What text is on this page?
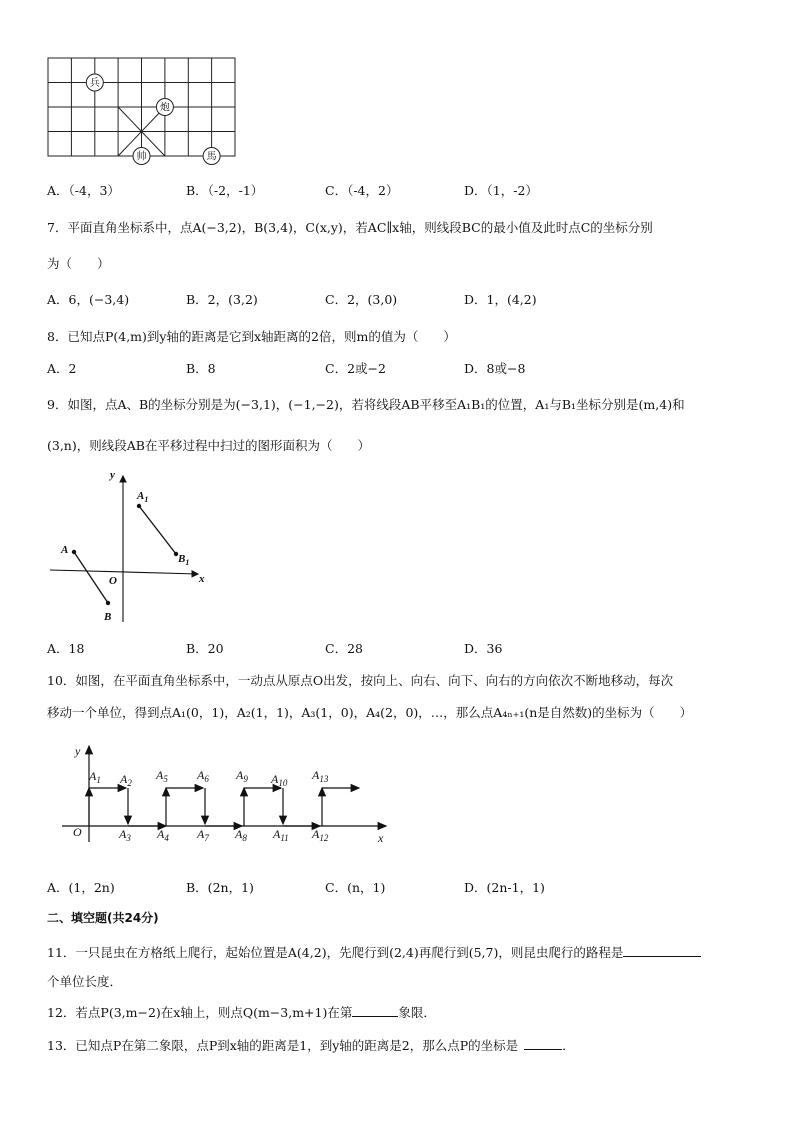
兵
炮
帅	馬
A．（-4，3）	B．（-2，-1）	C．（-4，2）	D．（1，-2）
7．平面直角坐标系中，点A(−3,2)，B(3,4)，C(x,y)，若AC∥x轴，则线段BC的最小值及此时点C的坐标分别
为（　　）
A．6，(−3,4)	B．2，(3,2)	C．2，(3,0)	D．1，(4,2)
8．已知点P(4,m)到y轴的距离是它到x轴距离的2倍，则m的值为（　　）
A．2	B．8	C．2或−2	D．8或−8
9．如图，点A、B的坐标分别是为(−3,1)，(−1,−2)，若将线段AB平移至A₁B₁的位置，A₁与B₁坐标分别是(m,4)和
(3,n)，则线段AB在平移过程中扫过的图形面积为（　　）
y
x
O
$A_1$
$B_1$
A
B
A．18	B．20	C．28	D．36
10．如图，在平面直角坐标系中，一动点从原点O出发，按向上、向右、向下、向右的方向依次不断地移动，每次
移动一个单位，得到点A₁(0，1)，A₂(1，1)，A₃(1，0)，A₄(2，0)，…，那么点A₄ₙ₊₁(n是自然数)的坐标为（　　）
y
x
O
$A_1$ $A_2$
$A_5$ $A_6$ $A_9$ $A_{10}$
$A_{13}$
$A_3$ $A_4$ $A_7$ $A_8$ $A_{11}$ $A_{12}$
A．(1，2n)	B．(2n，1)	C．(n，1)	D．(2n-1，1)
二、填空题(共24分)
11．一只昆虫在方格纸上爬行，起始位置是A(4,2)，先爬行到(2,4)再爬行到(5,7)，则昆虫爬行的路程是
个单位长度．
12．若点P(3,m−2)在x轴上，则点Q(m−3,m+1)在第	象限．
13．已知点P在第二象限，点P到x轴的距离是1，到y轴的距离是2，那么点P的坐标是	．
